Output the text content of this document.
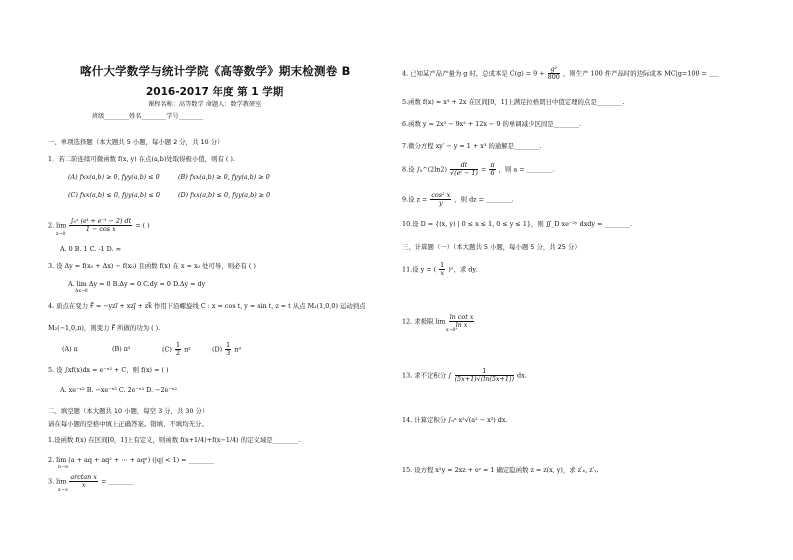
喀什大学数学与统计学院《高等数学》期末检测卷 B
2016-2017 年度 第 1 学期
课程名称：高等数学 命题人：数学教研室
班级________姓名________学号________
一、单项选择题（本大题共 5 小题，每小题 2 分，共 10 分）
1．若二阶连续可微函数 f(x, y) 在点(a,b)处取得极小值，则有 ( ).
(A) fxx(a,b) ≥ 0, fyy(a,b) ≤ 0	(B) fxx(a,b) ≥ 0, fyy(a,b) ≥ 0
(C) fxx(a,b) ≤ 0, fyy(a,b) ≤ 0	(D) fxx(a,b) ≤ 0, fyy(a,b) ≥ 0
2. $\lim \frac{\text{∫₀ˣ (eᵗ + e⁻ᵗ − 2) dt}}{\text{1 − cos x}}$ = ( )
x→0
A. 0 B. 1 C. -1 D. ∞
3. 设 Δy = f(x₀ + Δx) − f(x₀) 且函数 f(x) 在 x = x₀ 处可导，则必有 ( )
A. lim Δy = 0 B.Δy = 0 C.dy = 0 D.Δy = dy
Δx→0
4. 质点在变力 F⃗ = −yzi⃗ + xzj⃗ + zk⃗ 作用下沿螺旋线 C : x = cos t, y = sin t, z = t 从点 M₁(1,0,0) 运动到点
M₂(−1,0,π)，则变力 F⃗ 所做的功为 ( ).
(A) π	(B) π²	$(C) \frac{1}{2} \pi^2$	$(D) \frac{1}{3} \pi^3$
5. 设 ∫xf(x)dx = e⁻ˣ² + C，则 f(x) = ( )
A. xe⁻ˣ² B. −xe⁻ˣ² C. 2e⁻ˣ² D. −2e⁻ˣ²
二、填空题（本大题共 10 小题，每空 3 分，共 30 分）
请在每小题的空格中填上正确答案。错填、不填均无分。
1.设函数 f(x) 在区间[0，1]上有定义，则函数 f(x+1/4)+f(x−1/4) 的定义域是________.
2. lim (a + aq + aq² + ⋯ + aqⁿ) (|q| < 1) = ________
n→∞
3. $\lim \frac{\text{arctan x}}{x}$ = ________
x→∞
4. 已知某产品产量为 g 时，总成本是 $C(g) = 9 + \frac{\text{g²}}{800}$ ，则生产 100 件产品时的边际成本 MC|g=100 = ___
5.函数 f(x) = x³ + 2x 在区间[0，1]上满足拉格朗日中值定理的点是________.
6.函数 y = 2x³ − 9x² + 12x − 9 的单调减少区间是________.
7.微分方程 xy′ − y = 1 + x³ 的通解是________.
8.设 ∫ₐ^(2ln2) $\frac{dt}{\text{√(eᵗ − 1)}} = \frac{\pi}{6}$ ，则 a = ________.
9.设 $z = \frac{\text{cos² x}}{y}$ ，则 dz = ________.
10.设 D = {(x, y) | 0 ≤ x ≤ 1, 0 ≤ y ≤ 1}，则 ∬_D xe⁻²ʸ dxdy = ________.
三、计算题（一）（本大题共 5 小题，每小题 5 分，共 25 分）
11.设 y = ( $\frac{1}{x}$ )ˣ，求 dy.
12. 求极限 $\lim \frac{\text{ln cot x}}{\text{ln x}}$
x→0⁺
13. 求不定积分 ∫ $\frac{1}{(5x+1)√(\ln(5x+1))}$ dx.
14. 计算定积分 ∫₀ᵃ x²√(a² − x²) dx.
15. 设方程 x²y = 2xz + eᶻ = 1 确定隐函数 z = z(x, y)，求 z′ₓ, z′ᵧ.
